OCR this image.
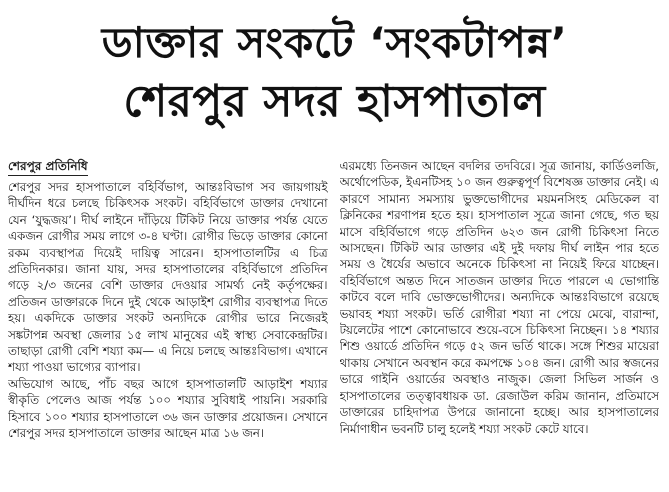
ডাক্তার সংকটে ‘সংকটাপন্ন’
শেরপুর সদর হাসপাতাল
শেরপুর প্রতিনিধি

শেরপুর সদর হাসপাতালে বহির্বিভাগ, আন্তঃবিভাগ সব জায়গায়ই দীর্ঘদিন ধরে চলছে চিকিৎসক সংকট। বহির্বিভাগে ডাক্তার দেখানো যেন ‘যুদ্ধজয়’। দীর্ঘ লাইনে দাঁড়িয়ে টিকিট নিয়ে ডাক্তার পর্যন্ত যেতে একজন রোগীর সময় লাগে ৩-৪ ঘণ্টা। রোগীর ভিড়ে ডাক্তার কোনো রকম ব্যবস্থাপত্র দিয়েই দায়িত্ব সারেন। হাসপাতালটির এ চিত্র প্রতিদিনকার। জানা যায়, সদর হাসপাতালের বহির্বিভাগে প্রতিদিন গড়ে ২/৩ জনের বেশি ডাক্তার দেওয়ার সামর্থ্য নেই কর্তৃপক্ষের। প্রতিজন ডাক্তারকে দিনে দুই থেকে আড়াইশ রোগীর ব্যবস্থাপত্র দিতে হয়। একদিকে ডাক্তার সংকট অন্যদিকে রোগীর ভারে নিজেরই সঙ্কটাপন্ন অবস্থা জেলার ১৫ লাখ মানুষের এই স্বাস্থ্য সেবাকেন্দ্রটির। তাছাড়া রোগী বেশি শয্যা কম— এ নিয়ে চলছে আন্তঃবিভাগ। এখানে শয্যা পাওয়া ভাগ্যের ব্যাপার।

অভিযোগ আছে, পাঁচ বছর আগে হাসপাতালটি আড়াইশ শয্যার স্বীকৃতি পেলেও আজ পর্যন্ত ১০০ শয্যার সুবিধাই পায়নি। সরকারি হিসাবে ১০০ শয্যার হাসপাতালে ৩৬ জন ডাক্তার প্রয়োজন। সেখানে শেরপুর সদর হাসপাতালে ডাক্তার আছেন মাত্র ১৬ জন।

এরমধ্যে তিনজন আছেন বদলির তদবিরে। সূত্র জানায়, কার্ডিওলজি, অর্থোপেডিক, ইএনটিসহ ১০ জন গুরুত্বপূর্ণ বিশেষজ্ঞ ডাক্তার নেই। এ কারণে সামান্য সমস্যায় ভুক্তভোগীদের ময়মনসিংহ মেডিকেল বা ক্লিনিকের শরণাপন্ন হতে হয়। হাসপাতাল সূত্রে জানা গেছে, গত ছয় মাসে বহির্বিভাগে গড়ে প্রতিদিন ৬২৩ জন রোগী চিকিৎসা নিতে আসছেন। টিকিট আর ডাক্তার এই দুই দফায় দীর্ঘ লাইন পার হতে সময় ও ধৈর্যের অভাবে অনেকে চিকিৎসা না নিয়েই ফিরে যাচ্ছেন। বহির্বিভাগে অন্তত দিনে সাতজন ডাক্তার দিতে পারলে এ ভোগান্তি কাটবে বলে দাবি ভোক্তভোগীদের। অন্যদিকে আন্তঃবিভাগে রয়েছে ভয়াবহ শয্যা সংকট। ভর্তি রোগীরা শয্যা না পেয়ে মেঝে, বারান্দা, টয়লেটের পাশে কোনোভাবে শুয়ে-বসে চিকিৎসা নিচ্ছেন। ১৪ শয্যার শিশু ওয়ার্ডে প্রতিদিন গড়ে ৫২ জন ভর্তি থাকে। সঙ্গে শিশুর মায়েরা থাকায় সেখানে অবস্থান করে কমপক্ষে ১০৪ জন। রোগী আর স্বজনের ভারে গাইনি ওয়ার্ডের অবস্থাও নাজুক। জেলা সিভিল সার্জন ও হাসপাতালের তত্ত্বাবধায়ক ডা. রেজাউল করিম জানান, প্রতিমাসে ডাক্তারের চাহিদাপত্র উপরে জানানো হচ্ছে। আর হাসপাতালের নির্মাণাধীন ভবনটি চালু হলেই শয্যা সংকট কেটে যাবে।
